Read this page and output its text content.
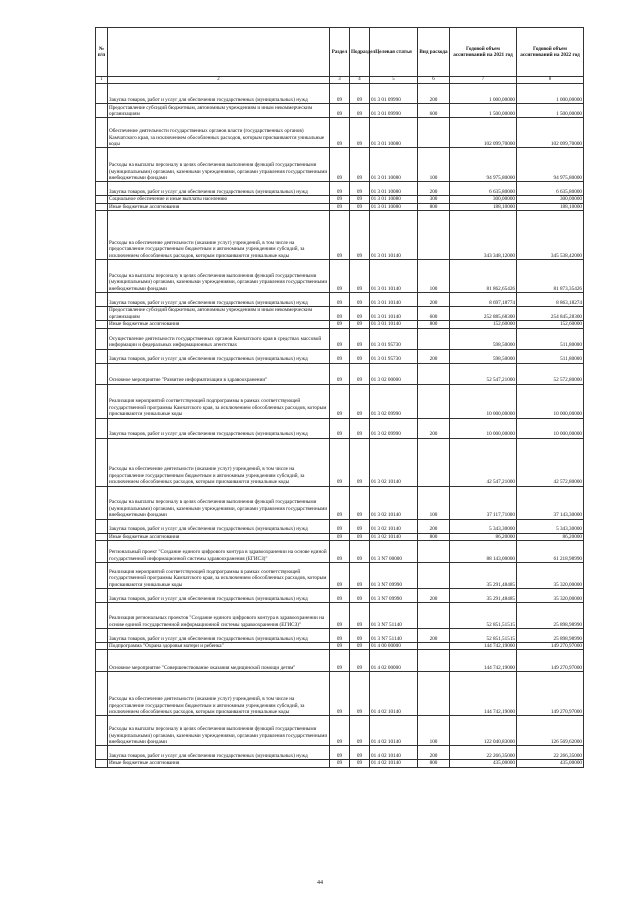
№ п/п		Раздел	Подраздел	Целевая статья	Вид расхода	Годовой объем ассигнований на 2021 год	Годовой объем ассигнований на 2022 год
1	2	3	4	5	6	7	8
	Закупка товаров, работ и услуг для обеспечения государственных (муниципальных) нужд	09	09	01 3 01 09990	200	1 000,00000	1 000,00000
	Предоставление субсидий бюджетным, автономным учреждениям и иным некоммерческим организациям	09	09	01 3 01 09990	600	1 500,00000	1 500,00000
	Обеспечение деятельности государственных органов власти (государственных органов) Камчатского края, за исключением обособленных расходов, которым присваиваются уникальные коды	09	09	01 3 01 10080		102 099,70000	102 099,70000
	Расходы на выплаты персоналу в целях обеспечения выполнения функций государственными (муниципальными) органами, казенными учреждениями, органами управления государственными внебюджетными фондами	09	09	01 3 01 10080	100	94 975,80000	94 975,80000
	Закупка товаров, работ и услуг для обеспечения государственных (муниципальных) нужд	09	09	01 3 01 10080	200	6 635,80000	6 635,80000
	Социальное обеспечение и иные выплаты населению	09	09	01 3 01 10080	300	300,00000	300,00000
	Иные бюджетные ассигнования	09	09	01 3 01 10080	800	188,10000	188,10000
	Расходы на обеспечение деятельности (оказание услуг) учреждений, в том числе на предоставление государственным бюджетным и автономным учреждениям субсидий, за исключением обособленных расходов, которым присваиваются уникальные коды	09	09	01 3 01 10140		343 348,12000	345 538,42000
	Расходы на выплаты персоналу в целях обеспечения выполнения функций государственными (муниципальными) органами, казенными учреждениями, органами управления государственными внебюджетными фондами	09	09	01 3 01 10140	100	81 862,65426	81 873,35426
	Закупка товаров, работ и услуг для обеспечения государственных (муниципальных) нужд	09	09	01 3 01 10140	200	8 697,18774	8 863,18274
	Предоставление субсидий бюджетным, автономным учреждениям и иным некоммерческим организациям	09	09	01 3 01 10140	600	252 885,68300	254 845,28300
	Иные бюджетные ассигнования	09	09	01 3 01 10140	800	152,60000	152,60000
	Осуществление деятельности государственных органов Камчатского края в средствах массовой информации и федеральных информационных агентствах	09	09	01 3 01 95730		598,50000	511,80000
	Закупка товаров, работ и услуг для обеспечения государственных (муниципальных) нужд	09	09	01 3 01 95730	200	598,50000	511,80000
	Основное мероприятие "Развитие информатизации в здравоохранении"	09	09	01 3 02 00000		52 547,21000	52 572,80000
	Реализация мероприятий соответствующей подпрограммы в рамках соответствующей государственной программы Камчатского края, за исключением обособленных расходов, которым присваиваются уникальные коды	09	09	01 3 02 09990		10 000,00000	10 000,00000
	Закупка товаров, работ и услуг для обеспечения государственных (муниципальных) нужд	09	09	01 3 02 09990	200	10 000,00000	10 000,00000
	Расходы на обеспечение деятельности (оказание услуг) учреждений, в том числе на предоставление государственным бюджетным и автономным учреждениям субсидий, за исключением обособленных расходов, которым присваиваются уникальные коды	09	09	01 3 02 10140		42 547,21000	42 572,80000
	Расходы на выплаты персоналу в целях обеспечения выполнения функций государственными (муниципальными) органами, казенными учреждениями, органами управления государственными внебюджетными фондами	09	09	01 3 02 10140	100	37 117,71000	37 143,30000
	Закупка товаров, работ и услуг для обеспечения государственных (муниципальных) нужд	09	09	01 3 02 10140	200	5 343,30000	5 343,30000
	Иные бюджетные ассигнования	09	09	01 3 02 10140	800	86,20000	86,20000
	Региональный проект "Создание единого цифрового контура в здравоохранении на основе единой государственной информационной системы здравоохранения (ЕГИСЗ)"	09	09	01 3 N7 00000		88 143,00000	61 218,98990
	Реализация мероприятий соответствующей подпрограммы в рамках соответствующей государственной программы Камчатского края, за исключением обособленных расходов, которым присваиваются уникальные коды	09	09	01 3 N7 09990		35 291,48485	35 320,00000
	Закупка товаров, работ и услуг для обеспечения государственных (муниципальных) нужд	09	09	01 3 N7 09990	200	35 291,48485	35 320,00000
	Реализация региональных проектов "Создание единого цифрового контура в здравоохранении на основе единой государственной информационной системы здравоохранения (ЕГИСЗ)"	09	09	01 3 N7 51140		52 851,51515	25 898,98990
	Закупка товаров, работ и услуг для обеспечения государственных (муниципальных) нужд	09	09	01 3 N7 51140	200	52 851,51515	25 898,98990
	Подпрограмма "Охрана здоровья матери и ребенка"	09	09	01 4 00 00000		144 742,19000	149 270,97000
	Основное мероприятие "Совершенствование оказания медицинской помощи детям"	09	09	01 4 02 00000		144 742,19000	149 270,97000
	Расходы на обеспечение деятельности (оказание услуг) учреждений, в том числе на предоставление государственным бюджетным и автономным учреждениям субсидий, за исключением обособленных расходов, которым присваиваются уникальные коды	09	09	01 4 02 10140		144 742,19000	149 270,97000
	Расходы на выплаты персоналу в целях обеспечения выполнения функций государственными (муниципальными) органами, казенными учреждениями, органами управления государственными внебюджетными фондами	09	09	01 4 02 10140	100	122 040,83000	126 569,62000
	Закупка товаров, работ и услуг для обеспечения государственных (муниципальных) нужд	09	09	01 4 02 10140	200	22 266,35000	22 266,35000
	Иные бюджетные ассигнования	09	09	01 4 02 10140	800	435,00000	435,00000
44
